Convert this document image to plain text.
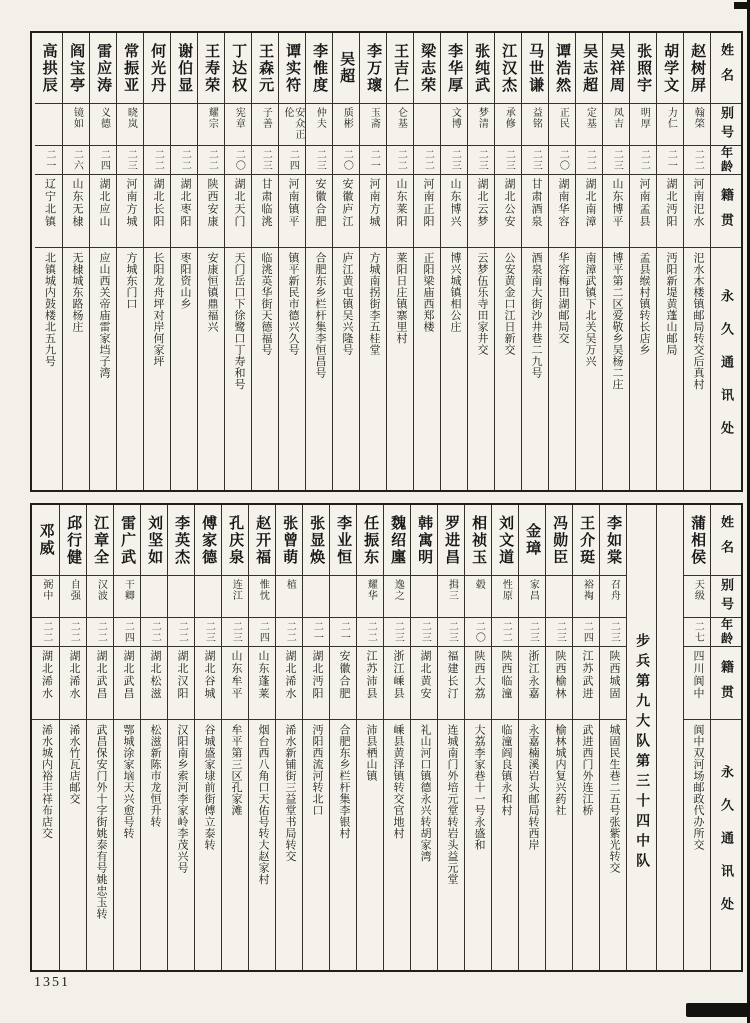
姓名
别号
年龄
籍贯
永久通讯处
赵树屏
翰棨
二二
河南汜水
汜水木楼镇邮局转交后真村
胡学文
力仁
二一
湖北沔阳
沔阳新堤黄蓬山邮局
张照宇
明厚
二二
河南孟县
孟县缑村镇转长店乡
吴祥周
凤吉
二三
山东博平
博平第二区爱敬乡吴杨二庄
吴志超
定基
二二
湖北南漳
南漳武镇下北关吴万兴
谭浩然
正民
二〇
湖南华容
华容梅田湖邮局交
马世谦
益铭
二三
甘肃酒泉
酒泉南大街沙井巷二九号
江汉杰
承修
二三
湖北公安
公安黄金口江日新交
张纯武
梦清
二三
湖北云梦
云梦伍乐寺田家井交
李华厚
文博
二三
山东博兴
博兴城镇相公庄
梁志荣
二二
河南正阳
正阳梁庙西郑楼
王吉仁
仑基
二二
山东莱阳
莱阳日庄镇寨里村
李万瓌
玉斋
二一
河南方城
方城南拐街李五桂堂
吴超
质彬
二〇
安徽庐江
庐江黄屯镇吴兴隆号
李惟度
仲夫
二三
安徽合肥
合肥东乡栏杆集李恒昌号
谭实符
安众正伦
二四
河南镇平
镇平新民市德兴久号
王森元
子善
二三
甘肃临洮
临洮英华街天德福号
丁达权
宪章
二〇
湖北天门
天门岳口下徐鹭口丁寿和号
王寿荣
耀宗
二二
陕西安康
安康恒镇鼎福兴
谢伯显
二二
湖北枣阳
枣阳资山乡
何光丹
二二
湖北长阳
长阳龙舟坪对岸何家坪
常振亚
晓岚
二三
河南方城
方城东门口
雷应涛
义德
二四
湖北应山
应山西关帝庙雷家垱子湾
阎宝亭
镜如
二六
山东无棣
无棣城东路杨庄
高拱辰
二一
辽宁北镇
北镇城内鼓楼北五九号
姓名
别号
年龄
籍贯
永久通讯处
蒲相侯
天级
二七
四川阆中
阆中双河场邮政代办所交
步兵第九大队第三十四中队
李如棠
召舟
二三
陕西城固
城固民生巷二五号张紫光转交
王介珽
裕裪
二四
江苏武进
武进西门外连江桥
冯勋臣
二三
陕西榆林
榆林城内复兴药社
金璋
家昌
二三
浙江永嘉
永嘉楠溪岩头邮局转西岸
刘文道
性原
二二
陕西临潼
临潼阎良镇永和村
相祯玉
毂
二〇
陕西大荔
大荔李家巷十一号永盛和
罗进昌
揖三
二三
福建长汀
连城南门外培元堂转岩头益元堂
韩寓明
二三
湖北黄安
礼山河口镇德永兴转胡家湾
魏绍廛
逸之
二三
浙江嵊县
嵊县黄泽镇转交官地村
任振东
耀华
二二
江苏沛县
沛县栖山镇
李业恒
二一
安徽合肥
合肥东乡栏杆集李银村
张显焕
二一
湖北沔阳
沔阳西流河转北口
张曾萌
植
二二
湖北浠水
浠水新铺街三益堂书局转交
赵开福
惟忱
二四
山东蓬莱
烟台西八角口天佑号转大赵家村
孔庆泉
连江
二三
山东牟平
牟平第三区孔家滩
傅家德
二三
湖北谷城
谷城盛家埭前街傅立泰转
李英杰
二二
湖北汉阳
汉阳南乡索河李家岭李茂兴号
刘坚如
二二
湖北松滋
松滋新陈市龙恒升转
雷广武
干卿
二四
湖北武昌
鄂城涂家垴天兴愈号转
江章全
汉波
二二
湖北武昌
武昌保安门外十字街姚泰有号姚忠玉转
邱行健
自强
二二
湖北浠水
浠水竹瓦店邮交
邓威
弼中
二二
湖北浠水
浠水城内裕丰祥布店交
1351
